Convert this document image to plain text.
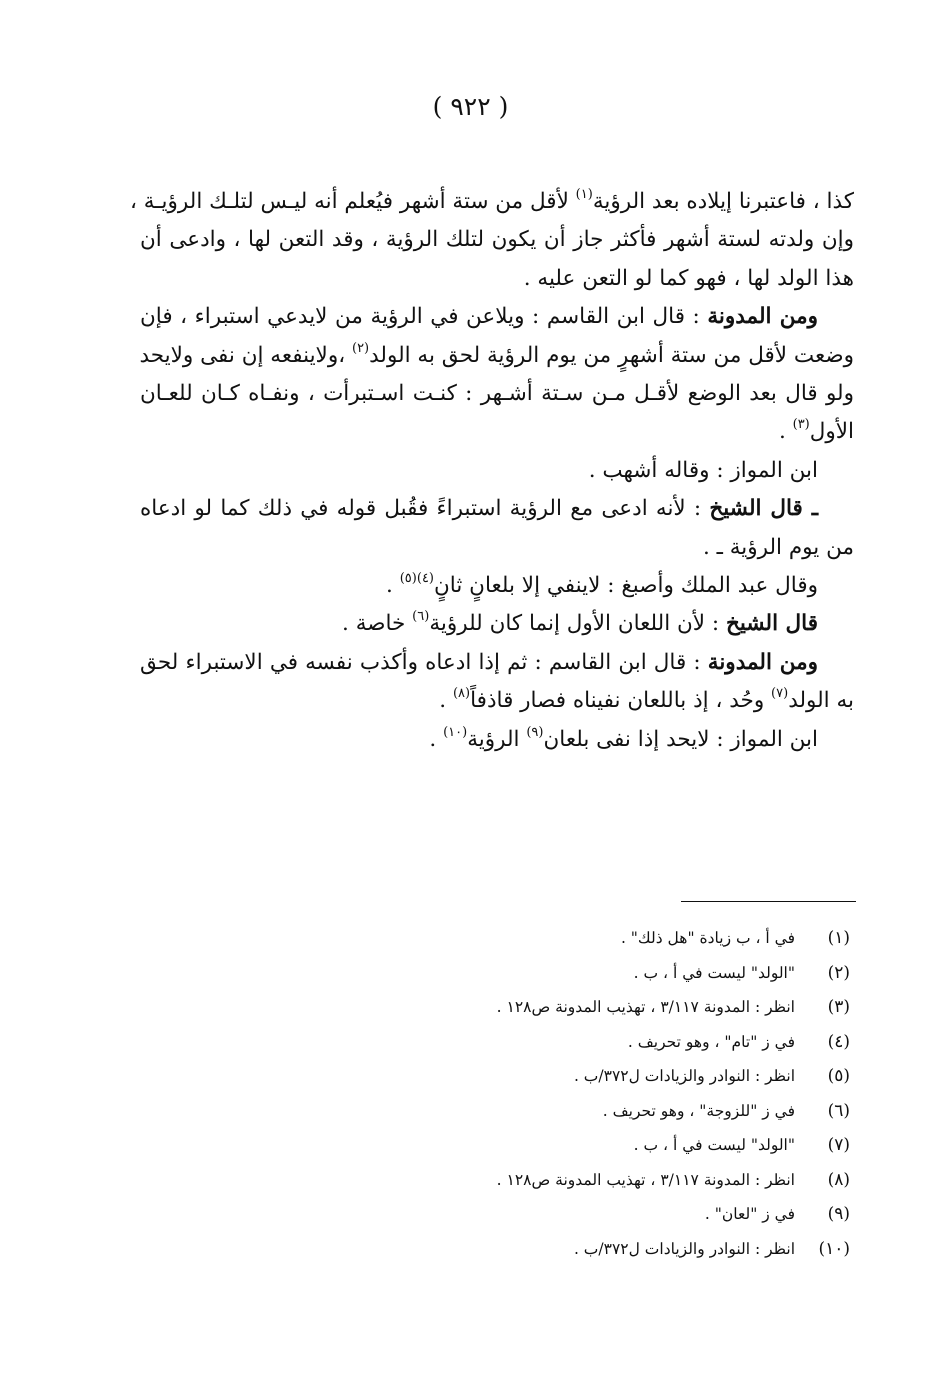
( ٩٢٢ )

كذا ، فاعتبرنا إيلاده بعد الرؤية$^{(١)}$ لأقل من ستة أشهر فيُعلم أنه ليـس لتلـك الرؤيـة ،

وإن ولدته لستة أشهر فأكثر جاز أن يكون لتلك الرؤية ، وقد التعن لها ، وادعى أن

هذا الولد لها ، فهو كما لو التعن عليه .

ومن المدونة : قال ابن القاسم : ويلاعن في الرؤية من لايدعي استبراء ، فإن

وضعت لأقل من ستة أشهرٍ من يوم الرؤية لحق به الولد$^{(٢)}$ ،ولاينفعه إن نفى ولايحد

ولو قال بعد الوضع لأقـل مـن سـتة أشـهر : كنـت اسـتبرأت ، ونفـاه كـان للعـان

الأول$^{(٣)}$ .

ابن المواز : وقاله أشهب .

ـ قال الشيخ : لأنه ادعى مع الرؤية استبراءً فقُبل قوله في ذلك كما لو ادعاه

من يوم الرؤية ـ .

وقال عبد الملك وأصبغ : لاينفي إلا بلعانٍ ثانٍ$^{(٤)(٥)}$ .

قال الشيخ : لأن اللعان الأول إنما كان للرؤية$^{(٦)}$ خاصة .

ومن المدونة : قال ابن القاسم : ثم إذا ادعاه وأكذب نفسه في الاستبراء لحق

به الولد$^{(٧)}$ وحُد ، إذ باللعان نفيناه فصار قاذفاً$^{(٨)}$ .

ابن المواز : لايحد إذا نفى بلعان$^{(٩)}$ الرؤية$^{(١٠)}$ .

(١)
في أ ، ب زيادة "هل ذلك" .
(٢)
"الولد" ليست في أ ، ب .
(٣)
انظر : المدونة ٣/١١٧ ، تهذيب المدونة ص١٢٨ .
(٤)
في ز "تام" ، وهو تحريف .
(٥)
انظر : النوادر والزيادات ل٣٧٢/ب .
(٦)
في ز "للزوجة" ، وهو تحريف .
(٧)
"الولد" ليست في أ ، ب .
(٨)
انظر : المدونة ٣/١١٧ ، تهذيب المدونة ص١٢٨ .
(٩)
في ز "لعان" .
(١٠)
انظر : النوادر والزيادات ل٣٧٢/ب .
